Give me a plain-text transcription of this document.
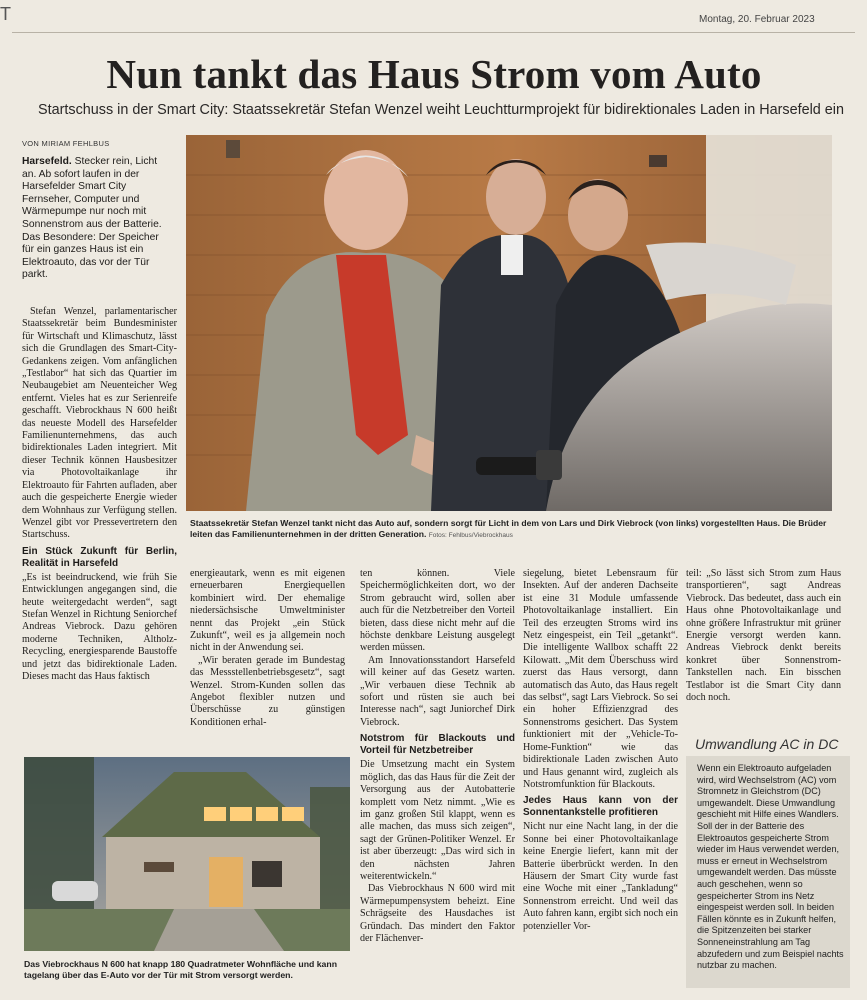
T	Montag, 20. Februar 2023
Nun tankt das Haus Strom vom Auto
Startschuss in der Smart City: Staatssekretär Stefan Wenzel weiht Leuchtturmprojekt für bidirektionales Laden in Harsefeld ein
VON MIRIAM FEHLBUS
Harsefeld. Stecker rein, Licht an. Ab sofort laufen in der Harsefelder Smart City Fernseher, Computer und Wärmepumpe nur noch mit Sonnenstrom aus der Batterie. Das Besondere: Der Speicher für ein ganzes Haus ist ein Elektroauto, das vor der Tür parkt.

Stefan Wenzel, parlamentarischer Staatssekretär beim Bundesminister für Wirtschaft und Klimaschutz, lässt sich die Grundlagen des Smart-City-Gedankens zeigen. Vom anfänglichen „Testlabor“ hat sich das Quartier im Neubaugebiet am Neuenteicher Weg entfernt. Vieles hat es zur Serienreife geschafft. Viebrockhaus N 600 heißt das neueste Modell des Harsefelder Familienunternehmens, das auch bidirektionales Laden integriert. Mit dieser Technik können Hausbesitzer via Photovoltaikanlage ihr Elektroauto für Fahrten aufladen, aber auch die gespeicherte Energie wieder dem Wohnhaus zur Verfügung stellen. Wenzel gibt vor Pressevertretern den Startschuss.

Ein Stück Zukunft für Berlin, Realität in Harsefeld

„Es ist beeindruckend, wie früh Sie Entwicklungen angegangen sind, die heute weitergedacht werden“, sagt Stefan Wenzel in Richtung Seniorchef Andreas Viebrock. Dazu gehören moderne Techniken, Altholz-Recycling, energiesparende Baustoffe und jetzt das bidirektionale Laden. Dieses macht das Haus faktisch

Staatssekretär Stefan Wenzel tankt nicht das Auto auf, sondern sorgt für Licht in dem von Lars und Dirk Viebrock (von links) vorgestellten Haus. Die Brüder leiten das Familienunternehmen in der dritten Generation. Fotos: Fehlbus/Viebrockhaus

energieautark, wenn es mit eigenen erneuerbaren Energiequellen kombiniert wird. Der ehemalige niedersächsische Umweltminister nennt das Projekt „ein Stück Zukunft“, weil es ja allgemein noch nicht in der Anwendung sei.

„Wir beraten gerade im Bundestag das Messstellenbetriebsgesetz“, sagt Wenzel. Strom-Kunden sollen das Angebot flexibler nutzen und Überschüsse zu günstigen Konditionen erhal-

ten können. Viele Speichermöglichkeiten dort, wo der Strom gebraucht wird, sollen aber auch für die Netzbetreiber den Vorteil bieten, dass diese nicht mehr auf die höchste denkbare Leistung ausgelegt werden müssen.

Am Innovationsstandort Harsefeld will keiner auf das Gesetz warten. „Wir verbauen diese Technik ab sofort und rüsten sie auch bei Interesse nach“, sagt Juniorchef Dirk Viebrock.

Notstrom für Blackouts und Vorteil für Netzbetreiber

Die Umsetzung macht ein System möglich, das das Haus für die Zeit der Versorgung aus der Autobatterie komplett vom Netz nimmt. „Wie es im ganz großen Stil klappt, wenn es alle machen, das muss sich zeigen“, sagt der Grünen-Politiker Wenzel. Er ist aber überzeugt: „Das wird sich in den nächsten Jahren weiterentwickeln.“

Das Viebrockhaus N 600 wird mit Wärmepumpensystem beheizt. Eine Schrägseite des Hausdaches ist Gründach. Das mindert den Faktor der Flächenver-

siegelung, bietet Lebensraum für Insekten. Auf der anderen Dachseite ist eine 31 Module umfassende Photovoltaikanlage installiert. Ein Teil des erzeugten Stroms wird ins Netz eingespeist, ein Teil „getankt“. Die intelligente Wallbox schafft 22 Kilowatt. „Mit dem Überschuss wird zuerst das Haus versorgt, dann automatisch das Auto, das Haus regelt das selbst“, sagt Lars Viebrock. So sei ein hoher Effizienzgrad des Sonnenstroms gesichert. Das System funktioniert mit der „Vehicle-To-Home-Funktion“ wie das bidirektionale Laden zwischen Auto und Haus genannt wird, zugleich als Notstromfunktion für Blackouts.

Jedes Haus kann von der Sonnentankstelle profitieren

Nicht nur eine Nacht lang, in der die Sonne bei einer Photovoltaikanlage keine Energie liefert, kann mit der Batterie überbrückt werden. In den Häusern der Smart City wurde fast eine Woche mit einer „Tankladung“ Sonnenstrom erreicht. Und weil das Auto fahren kann, ergibt sich noch ein potenzieller Vor-

teil: „So lässt sich Strom zum Haus transportieren“, sagt Andreas Viebrock. Das bedeutet, dass auch ein Haus ohne Photovoltaikanlage und ohne größere Infrastruktur mit grüner Energie versorgt werden kann. Andreas Viebrock denkt bereits konkret über Sonnenstrom-Tankstellen nach. Ein bisschen Testlabor ist die Smart City dann doch noch.

Das Viebrockhaus N 600 hat knapp 180 Quadratmeter Wohnfläche und kann tagelang über das E-Auto vor der Tür mit Strom versorgt werden.
Umwandlung AC in DC
Wenn ein Elektroauto aufgeladen wird, wird Wechselstrom (AC) vom Stromnetz in Gleichstrom (DC) umgewandelt. Diese Umwandlung geschieht mit Hilfe eines Wandlers. Soll der in der Batterie des Elektroautos gespeicherte Strom wieder im Haus verwendet werden, muss er erneut in Wechselstrom umgewandelt werden. Das müsste auch geschehen, wenn so gespeicherter Strom ins Netz eingespeist werden soll. In beiden Fällen könnte es in Zukunft helfen, die Spitzenzeiten bei starker Sonneneinstrahlung am Tag abzufedern und zum Beispiel nachts nutzbar zu machen.
